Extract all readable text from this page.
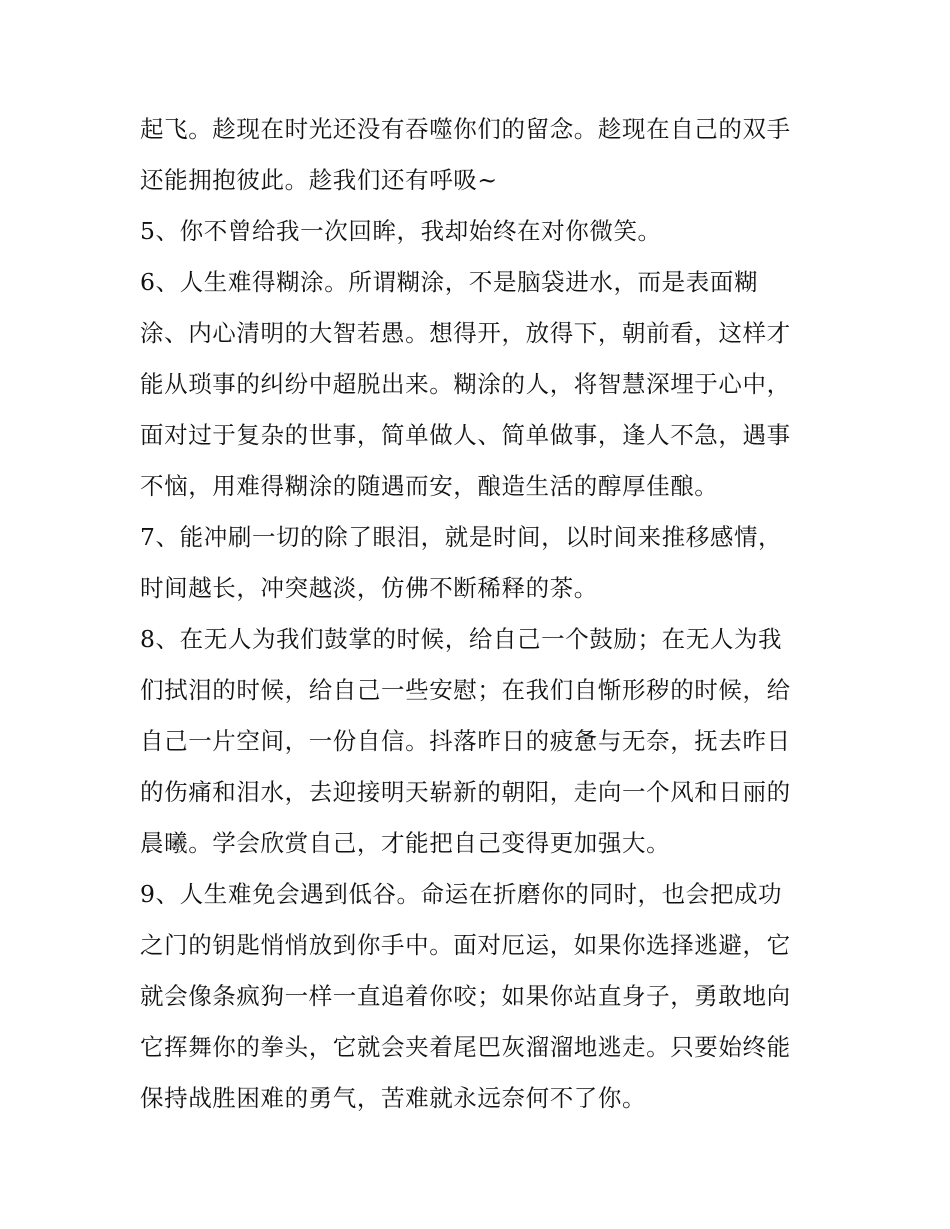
起飞。趁现在时光还没有吞噬你们的留念。趁现在自己的双手
还能拥抱彼此。趁我们还有呼吸~
5、你不曾给我一次回眸，我却始终在对你微笑。
6、人生难得糊涂。所谓糊涂，不是脑袋进水，而是表面糊
涂、内心清明的大智若愚。想得开，放得下，朝前看，这样才
能从琐事的纠纷中超脱出来。糊涂的人，将智慧深埋于心中，
面对过于复杂的世事，简单做人、简单做事，逢人不急，遇事
不恼，用难得糊涂的随遇而安，酿造生活的醇厚佳酿。
7、能冲刷一切的除了眼泪，就是时间，以时间来推移感情，
时间越长，冲突越淡，仿佛不断稀释的茶。
8、在无人为我们鼓掌的时候，给自己一个鼓励；在无人为我
们拭泪的时候，给自己一些安慰；在我们自惭形秽的时候，给
自己一片空间，一份自信。抖落昨日的疲惫与无奈，抚去昨日
的伤痛和泪水，去迎接明天崭新的朝阳，走向一个风和日丽的
晨曦。学会欣赏自己，才能把自己变得更加强大。
9、人生难免会遇到低谷。命运在折磨你的同时，也会把成功
之门的钥匙悄悄放到你手中。面对厄运，如果你选择逃避，它
就会像条疯狗一样一直追着你咬；如果你站直身子，勇敢地向
它挥舞你的拳头，它就会夹着尾巴灰溜溜地逃走。只要始终能
保持战胜困难的勇气，苦难就永远奈何不了你。
